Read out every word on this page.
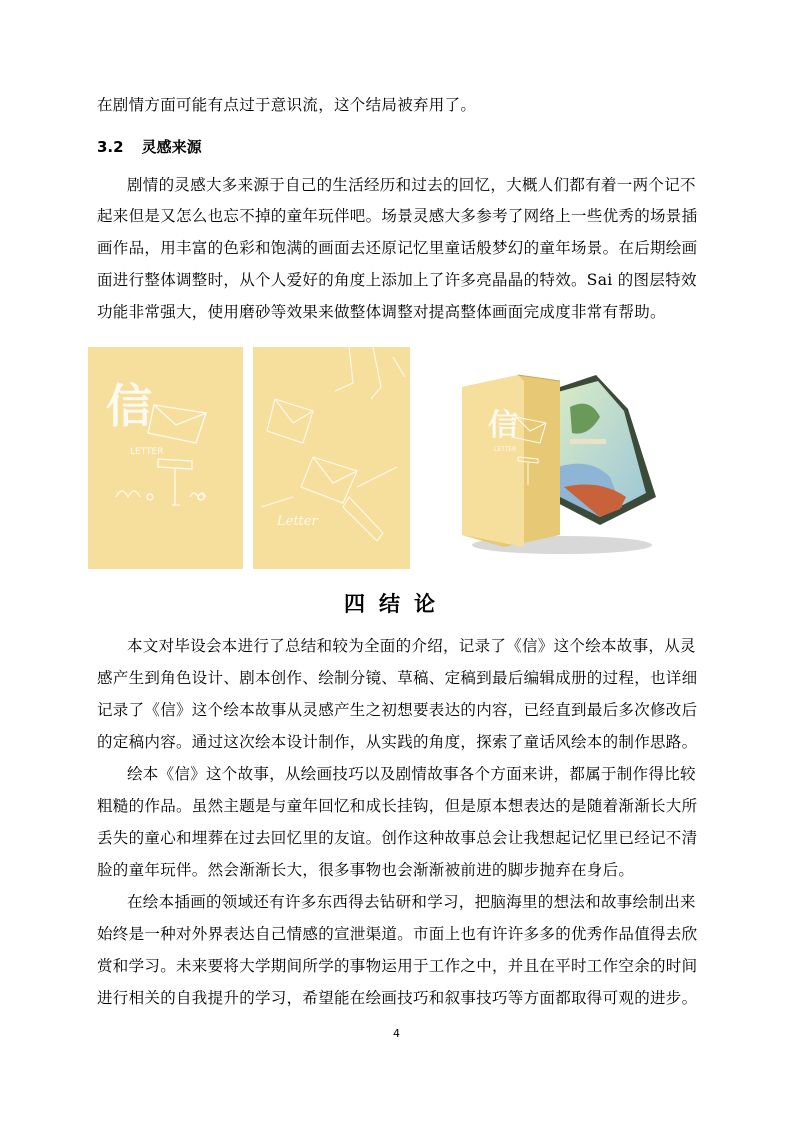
在剧情方面可能有点过于意识流，这个结局被弃用了。
3.2 灵感来源
剧情的灵感大多来源于自己的生活经历和过去的回忆，大概人们都有着一两个记不
起来但是又怎么也忘不掉的童年玩伴吧。场景灵感大多参考了网络上一些优秀的场景插
画作品，用丰富的色彩和饱满的画面去还原记忆里童话般梦幻的童年场景。在后期绘画
面进行整体调整时，从个人爱好的角度上添加上了许多亮晶晶的特效。Sai 的图层特效
功能非常强大，使用磨砂等效果来做整体调整对提高整体画面完成度非常有帮助。
信
LETTER
Letter
信
LETTER
四结论
本文对毕设会本进行了总结和较为全面的介绍，记录了《信》这个绘本故事，从灵
感产生到角色设计、剧本创作、绘制分镜、草稿、定稿到最后编辑成册的过程，也详细
记录了《信》这个绘本故事从灵感产生之初想要表达的内容，已经直到最后多次修改后
的定稿内容。通过这次绘本设计制作，从实践的角度，探索了童话风绘本的制作思路。
绘本《信》这个故事，从绘画技巧以及剧情故事各个方面来讲，都属于制作得比较
粗糙的作品。虽然主题是与童年回忆和成长挂钩，但是原本想表达的是随着渐渐长大所
丢失的童心和埋葬在过去回忆里的友谊。创作这种故事总会让我想起记忆里已经记不清
脸的童年玩伴。然会渐渐长大，很多事物也会渐渐被前进的脚步抛弃在身后。
在绘本插画的领域还有许多东西得去钻研和学习，把脑海里的想法和故事绘制出来
始终是一种对外界表达自己情感的宣泄渠道。市面上也有许许多多的优秀作品值得去欣
赏和学习。未来要将大学期间所学的事物运用于工作之中，并且在平时工作空余的时间
进行相关的自我提升的学习，希望能在绘画技巧和叙事技巧等方面都取得可观的进步。
4
